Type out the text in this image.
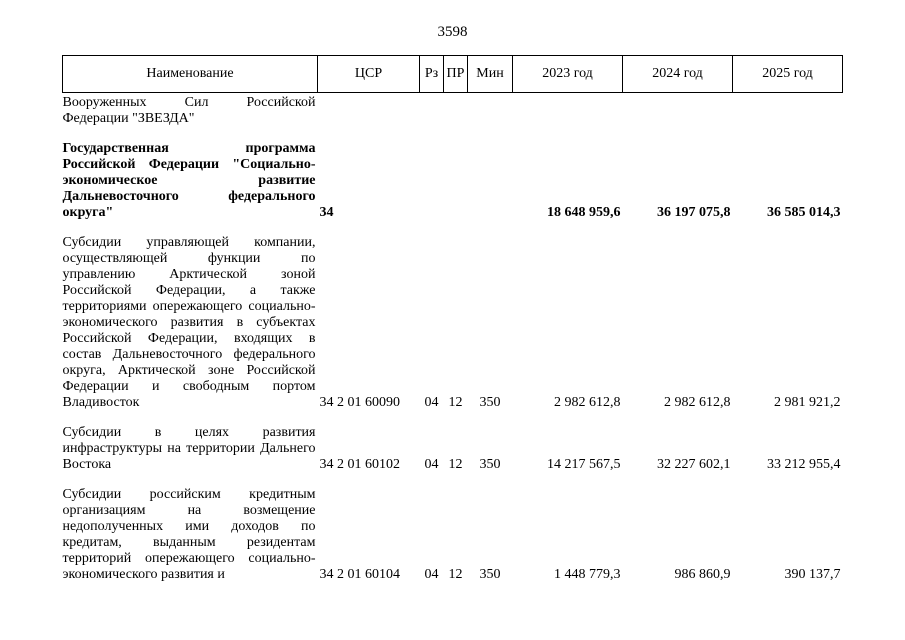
3598
Наименование	ЦСР	Рз	ПР	Мин	2023 год	2024 год	2025 год
Вооруженных Сил Российской Федерации "ЗВЕЗДА"							

Государственная программа Российской Федерации "Социально-экономическое развитие Дальневосточного федерального округа"	34				18 648 959,6	36 197 075,8	36 585 014,3

Субсидии управляющей компании, осуществляющей функции по управлению Арктической зоной Российской Федерации, а также территориями опережающего социально-экономического развития в субъектах Российской Федерации, входящих в состав Дальневосточного федерального округа, Арктической зоне Российской Федерации и свободным портом Владивосток	34 2 01 60090	04	12	350	2 982 612,8	2 982 612,8	2 981 921,2

Субсидии в целях развития инфраструктуры на территории Дальнего Востока	34 2 01 60102	04	12	350	14 217 567,5	32 227 602,1	33 212 955,4

Субсидии российским кредитным организациям на возмещение недополученных ими доходов по кредитам, выданным резидентам территорий опережающего социально-экономического развития и	34 2 01 60104	04	12	350	1 448 779,3	986 860,9	390 137,7
